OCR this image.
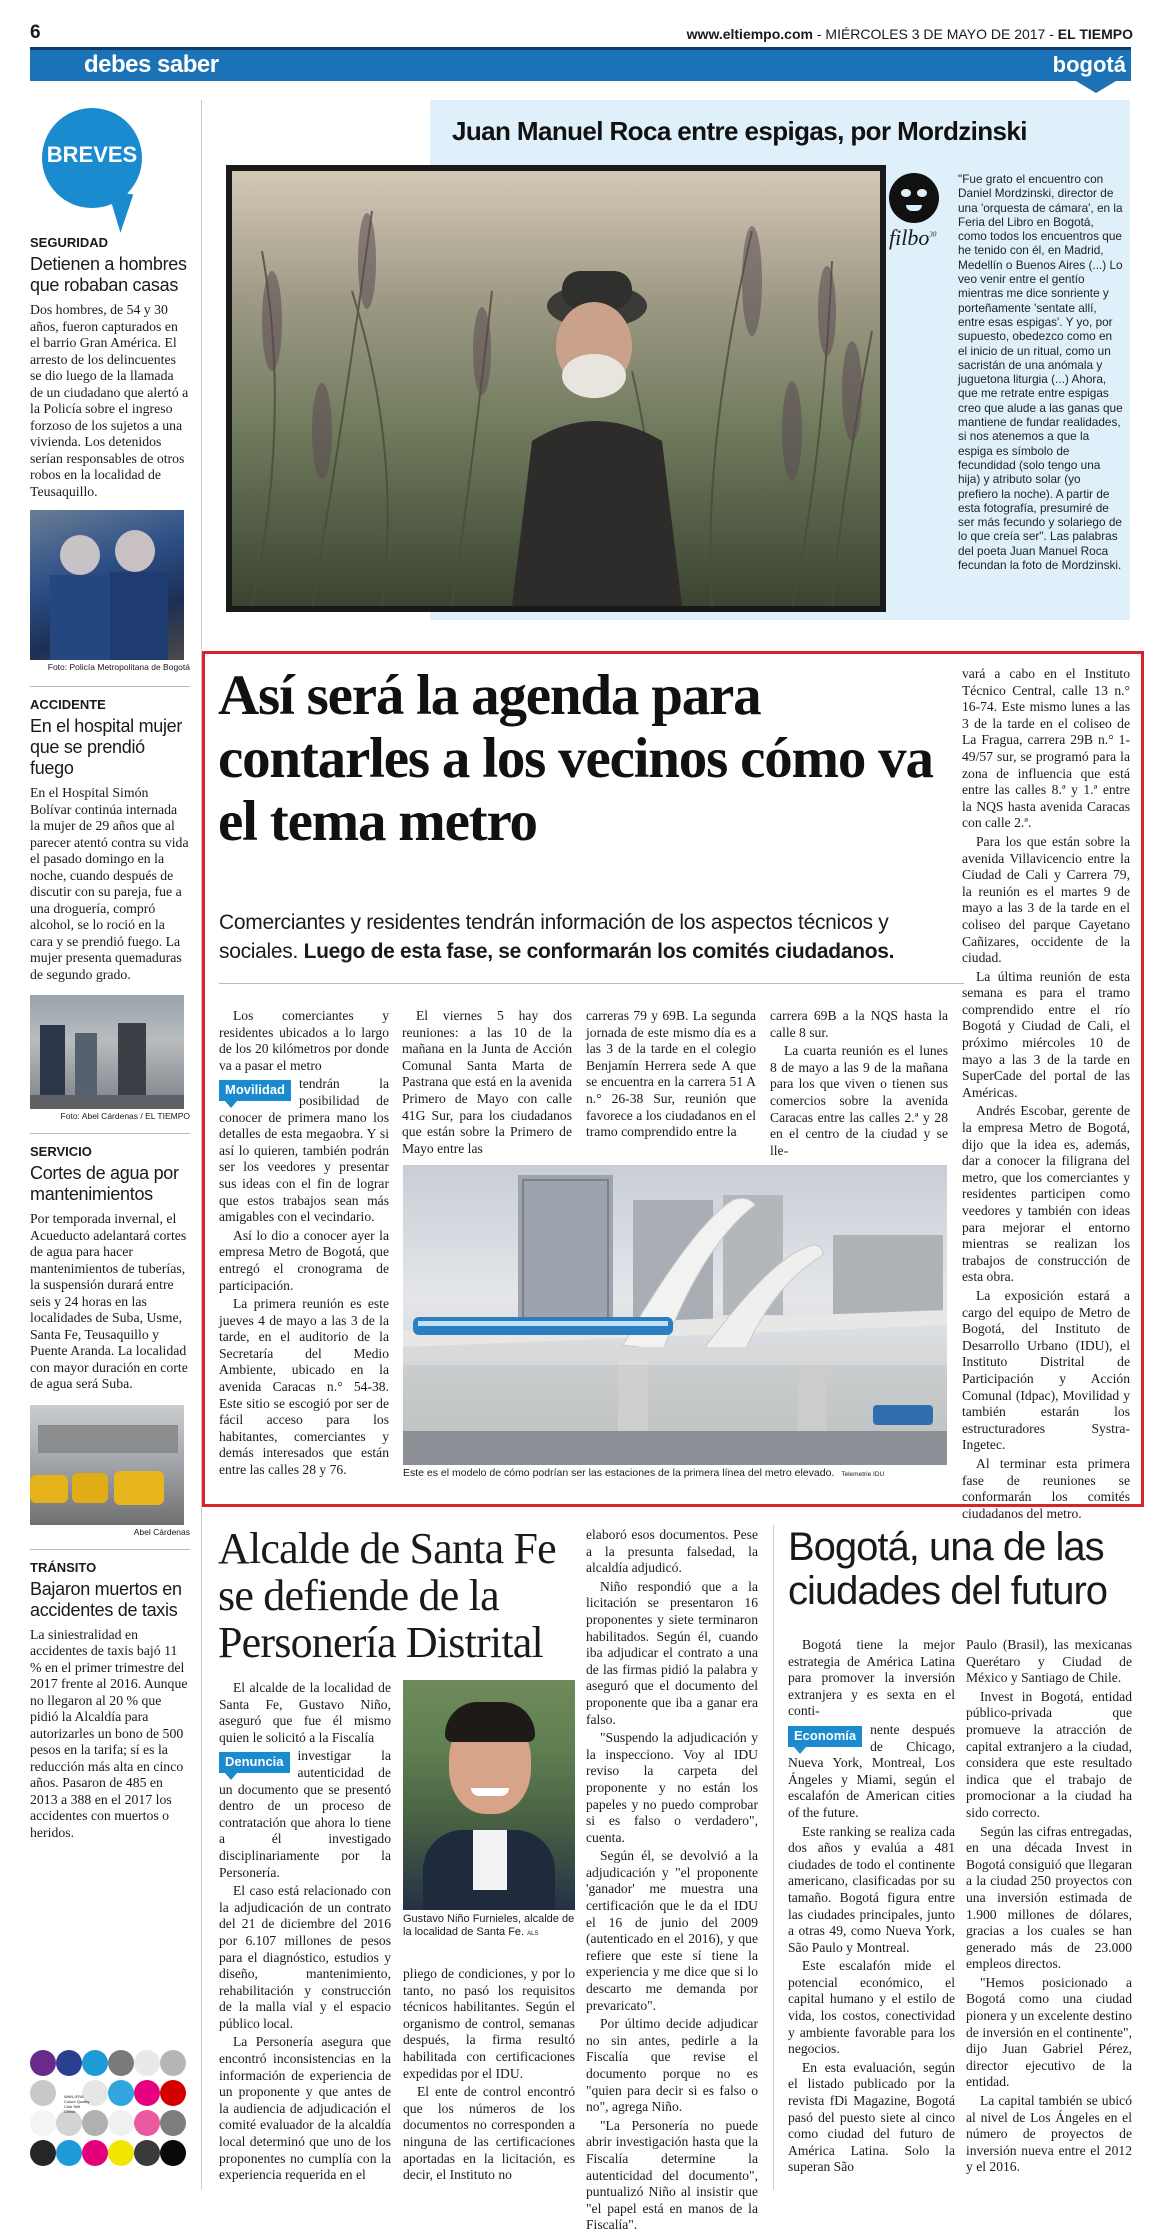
6	www.eltiempo.com - MIÉRCOLES 3 DE MAYO DE 2017 - EL TIEMPO
debes saber	bogotá
BREVES
SEGURIDAD
Detienen a hombres que robaban casas
Dos hombres, de 54 y 30 años, fueron capturados en el barrio Gran América. El arresto de los delincuentes se dio luego de la llamada de un ciudadano que alertó a la Policía sobre el ingreso forzoso de los sujetos a una vivienda. Los detenidos serían responsables de otros robos en la localidad de Teusaquillo.
Foto: Policía Metropolitana de Bogotá
ACCIDENTE
En el hospital mujer que se prendió fuego
En el Hospital Simón Bolívar continúa internada la mujer de 29 años que al parecer atentó contra su vida el pasado domingo en la noche, cuando después de discutir con su pareja, fue a una droguería, compró alcohol, se lo roció en la cara y se prendió fuego. La mujer presenta quemaduras de segundo grado.
Foto: Abel Cárdenas / EL TIEMPO
SERVICIO
Cortes de agua por mantenimientos
Por temporada invernal, el Acueducto adelantará cortes de agua para hacer mantenimientos de tuberías, la suspensión durará entre seis y 24 horas en las localidades de Suba, Usme, Santa Fe, Teusaquillo y Puente Aranda. La localidad con mayor duración en corte de agua será Suba.
Abel Cárdenas
TRÁNSITO
Bajaron muertos en accidentes de taxis
La siniestralidad en accidentes de taxis bajó 11 % en el primer trimestre del 2017 frente al 2016. Aunque no llegaron al 20 % que pidió la Alcaldía para autorizarles un bono de 500 pesos en la tarifa; sí es la reducción más alta en cinco años. Pasaron de 485 en 2013 a 388 en el 2017 los accidentes con muertos o heridos.
WAN-IFRA Colour Quality Club Self Check
Juan Manuel Roca entre espigas, por Mordzinski
filbo$^{30}$
"Fue grato el encuentro con Daniel Mordzinski, director de una 'orquesta de cámara', en la Feria del Libro en Bogotá, como todos los encuentros que he tenido con él, en Madrid, Medellín o Buenos Aires (...) Lo veo venir entre el gentío mientras me dice sonriente y porteñamente 'sentate allí, entre esas espigas'. Y yo, por supuesto, obedezco como en el inicio de un ritual, como un sacristán de una anómala y juguetona liturgia (...) Ahora, que me retrate entre espigas creo que alude a las ganas que mantiene de fundar realidades, si nos atenemos a que la espiga es símbolo de fecundidad (solo tengo una hija) y atributo solar (yo prefiero la noche). A partir de esta fotografía, presumiré de ser más fecundo y solariego de lo que creía ser". Las palabras del poeta Juan Manuel Roca fecundan la foto de Mordzinski.
Así será la agenda para contarles a los vecinos cómo va el tema metro
Comerciantes y residentes tendrán información de los aspectos técnicos y sociales. Luego de esta fase, se conformarán los comités ciudadanos.

Los comerciantes y residentes ubicados a lo largo de los 20 kilómetros por donde va a pasar el metro

Movilidad	tendrán la posibilidad de conocer de primera mano los detalles de esta megaobra. Y si así lo quieren, también podrán ser los veedores y presentar sus ideas con el fin de lograr que estos trabajos sean más amigables con el vecindario.

Así lo dio a conocer ayer la empresa Metro de Bogotá, que entregó el cronograma de participación.

La primera reunión es este jueves 4 de mayo a las 3 de la tarde, en el auditorio de la Secretaría del Medio Ambiente, ubicado en la avenida Caracas n.° 54-38. Este sitio se escogió por ser de fácil acceso para los habitantes, comerciantes y demás interesados que están entre las calles 28 y 76.

El viernes 5 hay dos reuniones: a las 10 de la mañana en la Junta de Acción Comunal Santa Marta de Pastrana que está en la avenida Primero de Mayo con calle 41G Sur, para los ciudadanos que están sobre la Primero de Mayo entre las

carreras 79 y 69B. La segunda jornada de este mismo día es a las 3 de la tarde en el colegio Benjamín Herrera sede A que se encuentra en la carrera 51 A n.° 26-38 Sur, reunión que favorece a los ciudadanos en el tramo comprendido entre la

carrera 69B a la NQS hasta la calle 8 sur.

La cuarta reunión es el lunes 8 de mayo a las 9 de la mañana para los que viven o tienen sus comercios sobre la avenida Caracas entre las calles 2.ª y 28 en el centro de la ciudad y se lle-

Este es el modelo de cómo podrían ser las estaciones de la primera línea del metro elevado. Telemetrie IDU

vará a cabo en el Instituto Técnico Central, calle 13 n.° 16-74. Este mismo lunes a las 3 de la tarde en el coliseo de La Fragua, carrera 29B n.° 1- 49/57 sur, se programó para la zona de influencia que está entre las calles 8.ª y 1.ª entre la NQS hasta avenida Caracas con calle 2.ª.

Para los que están sobre la avenida Villavicencio entre la Ciudad de Cali y Carrera 79, la reunión es el martes 9 de mayo a las 3 de la tarde en el coliseo del parque Cayetano Cañizares, occidente de la ciudad.

La última reunión de esta semana es para el tramo comprendido entre el río Bogotá y Ciudad de Cali, el próximo miércoles 10 de mayo a las 3 de la tarde en SuperCade del portal de las Américas.

Andrés Escobar, gerente de la empresa Metro de Bogotá, dijo que la idea es, además, dar a conocer la filigrana del metro, que los comerciantes y residentes participen como veedores y también con ideas para mejorar el entorno mientras se realizan los trabajos de construcción de esta obra.

La exposición estará a cargo del equipo de Metro de Bogotá, del Instituto de Desarrollo Urbano (IDU), el Instituto Distrital de Participación y Acción Comunal (Idpac), Movilidad y también estarán los estructuradores Systra-Ingetec.

Al terminar esta primera fase de reuniones se conformarán los comités ciudadanos del metro.

Alcalde de Santa Fe se defiende de la Personería Distrital

El alcalde de la localidad de Santa Fe, Gustavo Niño, aseguró que fue él mismo quien le solicitó a la Fiscalía

Denuncia	investigar la autenticidad de un documento que se presentó dentro de un proceso de contratación que ahora lo tiene a él investigado disciplinariamente por la Personería.

El caso está relacionado con la adjudicación de un contrato del 21 de diciembre del 2016 por 6.107 millones de pesos para el diagnóstico, estudios y diseño, mantenimiento, rehabilitación y construcción de la malla vial y el espacio público local.

La Personería asegura que encontró inconsistencias en la información de experiencia de un proponente y que antes de la audiencia de adjudicación el comité evaluador de la alcaldía local determinó que uno de los proponentes no cumplía con la experiencia requerida en el

Gustavo Niño Furnieles, alcalde de la localidad de Santa Fe. ALS

pliego de condiciones, y por lo tanto, no pasó los requisitos técnicos habilitantes. Según el organismo de control, semanas después, la firma resultó habilitada con certificaciones expedidas por el IDU.

El ente de control encontró que los números de los documentos no corresponden a ninguna de las certificaciones aportadas en la licitación, es decir, el Instituto no

elaboró esos documentos. Pese a la presunta falsedad, la alcaldía adjudicó.

Niño respondió que a la licitación se presentaron 16 proponentes y siete terminaron habilitados. Según él, cuando iba adjudicar el contrato a una de las firmas pidió la palabra y aseguró que el documento del proponente que iba a ganar era falso.

"Suspendo la adjudicación y la inspecciono. Voy al IDU reviso la carpeta del proponente y no están los papeles y no puedo comprobar si es falso o verdadero", cuenta.

Según él, se devolvió a la adjudicación y "el proponente 'ganador' me muestra una certificación que le da el IDU el 16 de junio del 2009 (autenticado en el 2016), y que refiere que este sí tiene la experiencia y me dice que si lo descarto me demanda por prevaricato".

Por último decide adjudicar no sin antes, pedirle a la Fiscalía que revise el documento porque no es "quien para decir si es falso o no", agrega Niño.

"La Personería no puede abrir investigación hasta que la Fiscalía determine la autenticidad del documento", puntualizó Niño al insistir que "el papel está en manos de la Fiscalía".

Bogotá, una de las ciudades del futuro

Bogotá tiene la mejor estrategia de América Latina para promover la inversión extranjera y es sexta en el conti-

Economía	nente después de Chicago, Nueva York, Montreal, Los Ángeles y Miami, según el escalafón de American cities of the future.

Este ranking se realiza cada dos años y evalúa a 481 ciudades de todo el continente americano, clasificadas por su tamaño. Bogotá figura entre las ciudades principales, junto a otras 49, como Nueva York, São Paulo y Montreal.

Este escalafón mide el potencial económico, el capital humano y el estilo de vida, los costos, conectividad y ambiente favorable para los negocios.

En esta evaluación, según el listado publicado por la revista fDi Magazine, Bogotá pasó del puesto siete al cinco como ciudad del futuro de América Latina. Solo la superan São

Paulo (Brasil), las mexicanas Querétaro y Ciudad de México y Santiago de Chile.

Invest in Bogotá, entidad público-privada que promueve la atracción de capital extranjero a la ciudad, considera que este resultado indica que el trabajo de promocionar a la ciudad ha sido correcto.

Según las cifras entregadas, en una década Invest in Bogotá consiguió que llegaran a la ciudad 250 proyectos con una inversión estimada de 1.900 millones de dólares, gracias a los cuales se han generado más de 23.000 empleos directos.

"Hemos posicionado a Bogotá como una ciudad pionera y un excelente destino de inversión en el continente", dijo Juan Gabriel Pérez, director ejecutivo de la entidad.

La capital también se ubicó al nivel de Los Ángeles en el número de proyectos de inversión nueva entre el 2012 y el 2016.
